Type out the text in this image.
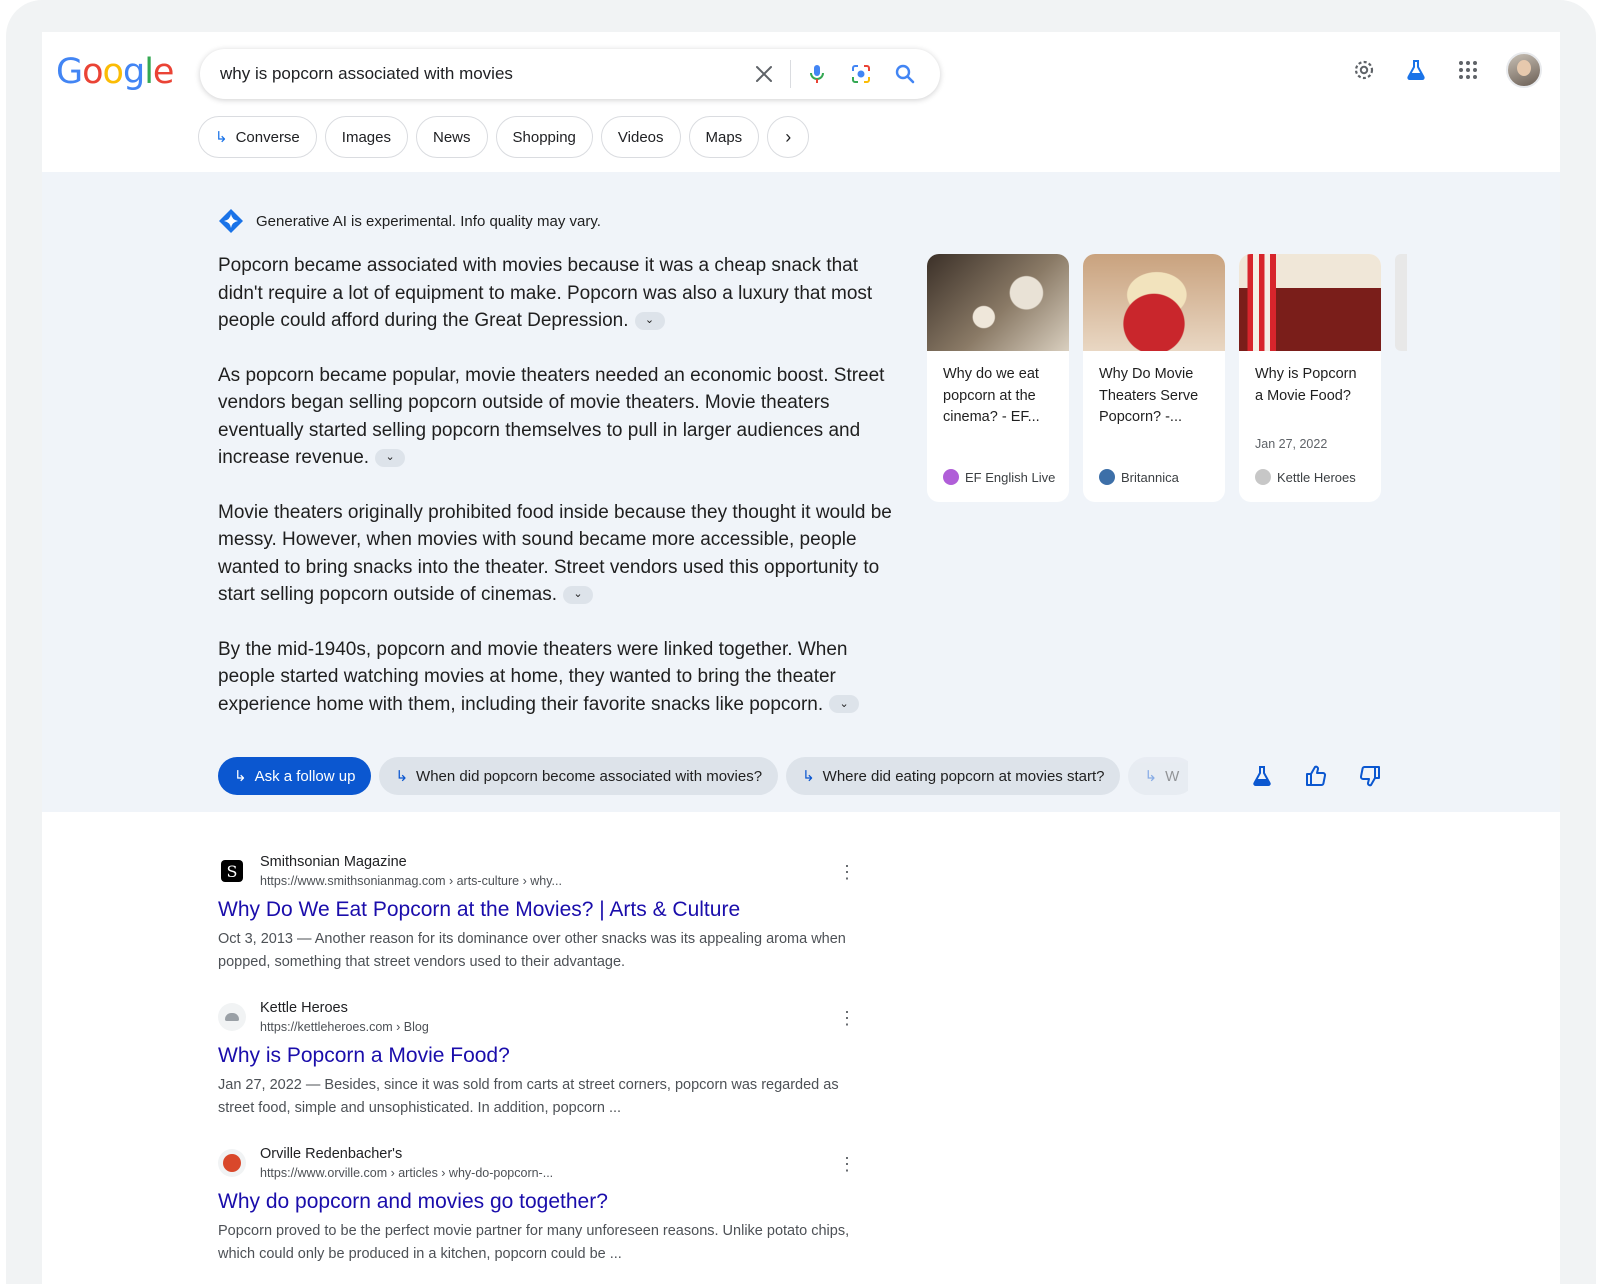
Google
why is popcorn associated with movies
↳ Converse	Images	News	Shopping	Videos	Maps ›
Generative AI is experimental. Info quality may vary.

Popcorn became associated with movies because it was a cheap snack that didn't require a lot of equipment to make. Popcorn was also a luxury that most people could afford during the Great Depression. ⌄

As popcorn became popular, movie theaters needed an economic boost. Street vendors began selling popcorn outside of movie theaters. Movie theaters eventually started selling popcorn themselves to pull in larger audiences and increase revenue. ⌄

Movie theaters originally prohibited food inside because they thought it would be messy. However, when movies with sound became more accessible, people wanted to bring snacks into the theater. Street vendors used this opportunity to start selling popcorn outside of cinemas. ⌄

By the mid-1940s, popcorn and movie theaters were linked together. When people started watching movies at home, they wanted to bring the theater experience home with them, including their favorite snacks like popcorn. ⌄

Why do we eat popcorn at the cinema? - EF...
EF English Live
Why Do Movie Theaters Serve Popcorn? -...
Britannica
Why is Popcorn a Movie Food?
Jan 27, 2022
Kettle Heroes
↳ Ask a follow up	↳ When did popcorn become associated with movies?	↳ Where did eating popcorn at movies start?	↳ W
S	Smithsonian Magazine
https://www.smithsonianmag.com › arts-culture › why...	⋮
Why Do We Eat Popcorn at the Movies? | Arts & Culture
Oct 3, 2013 — Another reason for its dominance over other snacks was its appealing aroma when popped, something that street vendors used to their advantage.
Kettle Heroes
https://kettleheroes.com › Blog	⋮
Why is Popcorn a Movie Food?
Jan 27, 2022 — Besides, since it was sold from carts at street corners, popcorn was regarded as street food, simple and unsophisticated. In addition, popcorn ...
Orville Redenbacher's
https://www.orville.com › articles › why-do-popcorn-...	⋮
Why do popcorn and movies go together?
Popcorn proved to be the perfect movie partner for many unforeseen reasons. Unlike potato chips, which could only be produced in a kitchen, popcorn could be ...
